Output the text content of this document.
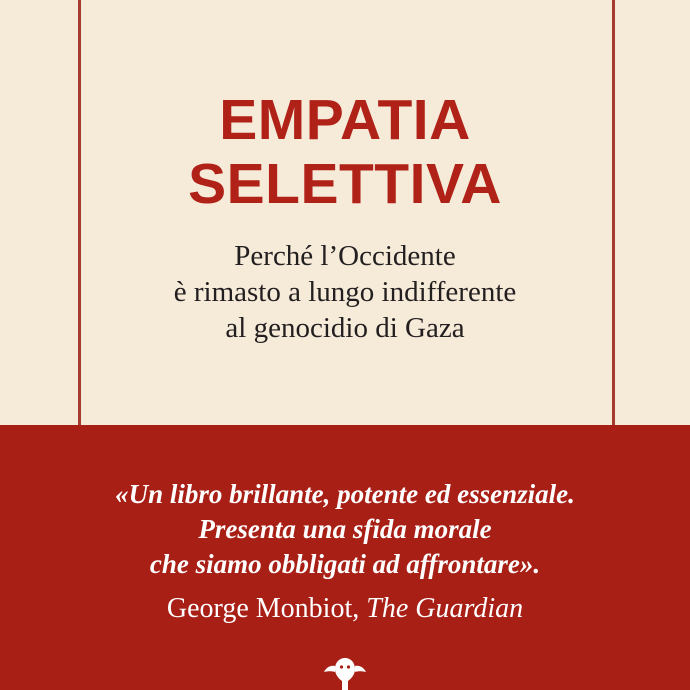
EMPATIA
SELETTIVA
Perché l’Occidente
è rimasto a lungo indifferente
al genocidio di Gaza
«Un libro brillante, potente ed essenziale.
Presenta una sfida morale
che siamo obbligati ad affrontare».
George Monbiot, The Guardian
